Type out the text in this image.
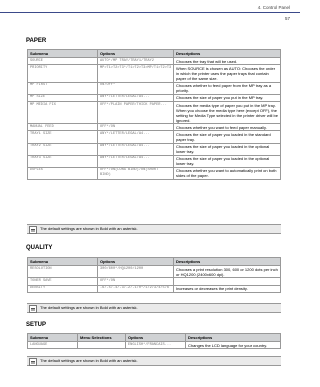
4. Control Panel
57
PAPER
Submenu	Options	Descriptions
SOURCE	AUTO*/MP TRAY/TRAY1/TRAY2	Chooses the tray that will be used.
PRIORITY	MP>T1>T2>T3*/T1>T2>T3>MP/T1>T2>T3	When SOURCE is chosen as AUTO: Chooses the order in which the printer uses the paper trays that contain paper of the same size.
MP FIRST	ON/OFF*	Chooses whether to feed paper from the MP tray as a priority.
MP SIZE	ANY*/LETTER/LEGAL/A4...	Chooses the size of paper you put in the MP tray.
MP MEDIA FIX	OFF*/PLAIN PAPER/THICK PAPER...	Chooses the media type of paper you put in the MP tray. When you choose the media type here (except OFF), the setting for Media Type selected in the printer driver will be ignored.
MANUAL FEED	OFF*/ON	Chooses whether you want to feed paper manually.
TRAY1 SIZE	ANY*/LETTER/LEGAL/A4...	Chooses the size of paper you loaded in the standard paper tray.
TRAY2 SIZE	ANY*/LETTER/LEGAL/A4...	Chooses the size of paper you loaded in the optional lower tray.
TRAY3 SIZE	ANY*/LETTER/LEGAL/A4...	Chooses the size of paper you loaded in the optional lower tray.
DUPLEX	OFF*/ON(LONG BIND)/ON(SHORT BIND)	Chooses whether you want to automatically print on both sides of the paper.
The default settings are shown in Bold with an asterisk.
QUALITY
Submenu	Options	Descriptions
RESOLUTION	300/600*/HQ1200/1200	Chooses a print resolution 300, 600 or 1200 dots per inch or HQ1200 (2400x600 dpi).
TONER SAVE	OFF*/ON	
DENSITY	-6/-5/-4/-3/-2/-1/0*/1/2/3/4/5/6	Increases or decreases the print density.
The default settings are shown in Bold with an asterisk.
SETUP
Submenu	Menu Selections	Options	Descriptions
LANGUAGE		ENGLISH*/FRANCAIS...	Changes the LCD language for your country.
The default settings are shown in Bold with an asterisk.
